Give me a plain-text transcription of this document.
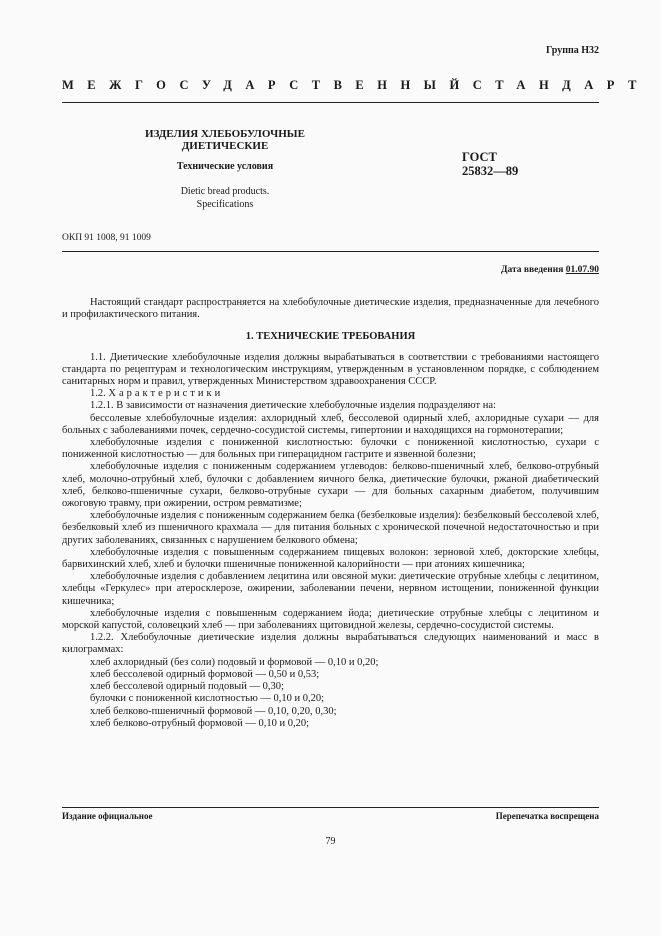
Группа Н32
МЕЖГОСУДАРСТВЕННЫЙ СТАНДАРТ
ИЗДЕЛИЯ ХЛЕБОБУЛОЧНЫЕ
ДИЕТИЧЕСКИЕ
Технические условия
Dietic bread products.
Specifications
ГОСТ
25832—89
ОКП 91 1008, 91 1009
Дата введения 01.07.90

Настоящий стандарт распространяется на хлебобулочные диетические изделия, предназначенные для лечебного и профилактического питания.

1. ТЕХНИЧЕСКИЕ ТРЕБОВАНИЯ

1.1. Диетические хлебобулочные изделия должны вырабатываться в соответствии с требованиями настоящего стандарта по рецептурам и технологическим инструкциям, утвержденным в установленном порядке, с соблюдением санитарных норм и правил, утвержденных Министерством здравоохранения СССР.

1.2. Характеристики

1.2.1. В зависимости от назначения диетические хлебобулочные изделия подразделяют на:

бессолевые хлебобулочные изделия: ахлоридный хлеб, бессолевой одирный хлеб, ахлоридные сухари — для больных с заболеваниями почек, сердечно-сосудистой системы, гипертонии и находящихся на гормонотерапии;

хлебобулочные изделия с пониженной кислотностью: булочки с пониженной кислотностью, сухари с пониженной кислотностью — для больных при гиперацидном гастрите и язвенной болезни;

хлебобулочные изделия с пониженным содержанием углеводов: белково-пшеничный хлеб, белково-отрубный хлеб, молочно-отрубный хлеб, булочки с добавлением яичного белка, диетические булочки, ржаной диабетический хлеб, белково-пшеничные сухари, белково-отрубные сухари — для больных сахарным диабетом, получившим ожоговую травму, при ожирении, остром ревматизме;

хлебобулочные изделия с пониженным содержанием белка (безбелковые изделия): безбелковый бессолевой хлеб, безбелковый хлеб из пшеничного крахмала — для питания больных с хронической почечной недостаточностью и при других заболеваниях, связанных с нарушением белкового обмена;

хлебобулочные изделия с повышенным содержанием пищевых волокон: зерновой хлеб, докторские хлебцы, барвихинский хлеб, хлеб и булочки пшеничные пониженной калорийности — при атониях кишечника;

хлебобулочные изделия с добавлением лецитина или овсяной муки: диетические отрубные хлебцы с лецитином, хлебцы «Геркулес» при атеросклерозе, ожирении, заболевании печени, нервном истощении, пониженной функции кишечника;

хлебобулочные изделия с повышенным содержанием йода; диетические отрубные хлебцы с лецитином и морской капустой, соловецкий хлеб — при заболеваниях щитовидной железы, сердечно-сосудистой системы.

1.2.2. Хлебобулочные диетические изделия должны вырабатываться следующих наименований и масс в килограммах:

хлеб ахлоридный (без соли) подовый и формовой — 0,10 и 0,20;

хлеб бессолевой одирный формовой — 0,50 и 0,53;

хлеб бессолевой одирный подовый — 0,30;

булочки с пониженной кислотностью — 0,10 и 0,20;

хлеб белково-пшеничный формовой — 0,10, 0,20, 0,30;

хлеб белково-отрубный формовой — 0,10 и 0,20;

Издание официальное	Перепечатка воспрещена
79
